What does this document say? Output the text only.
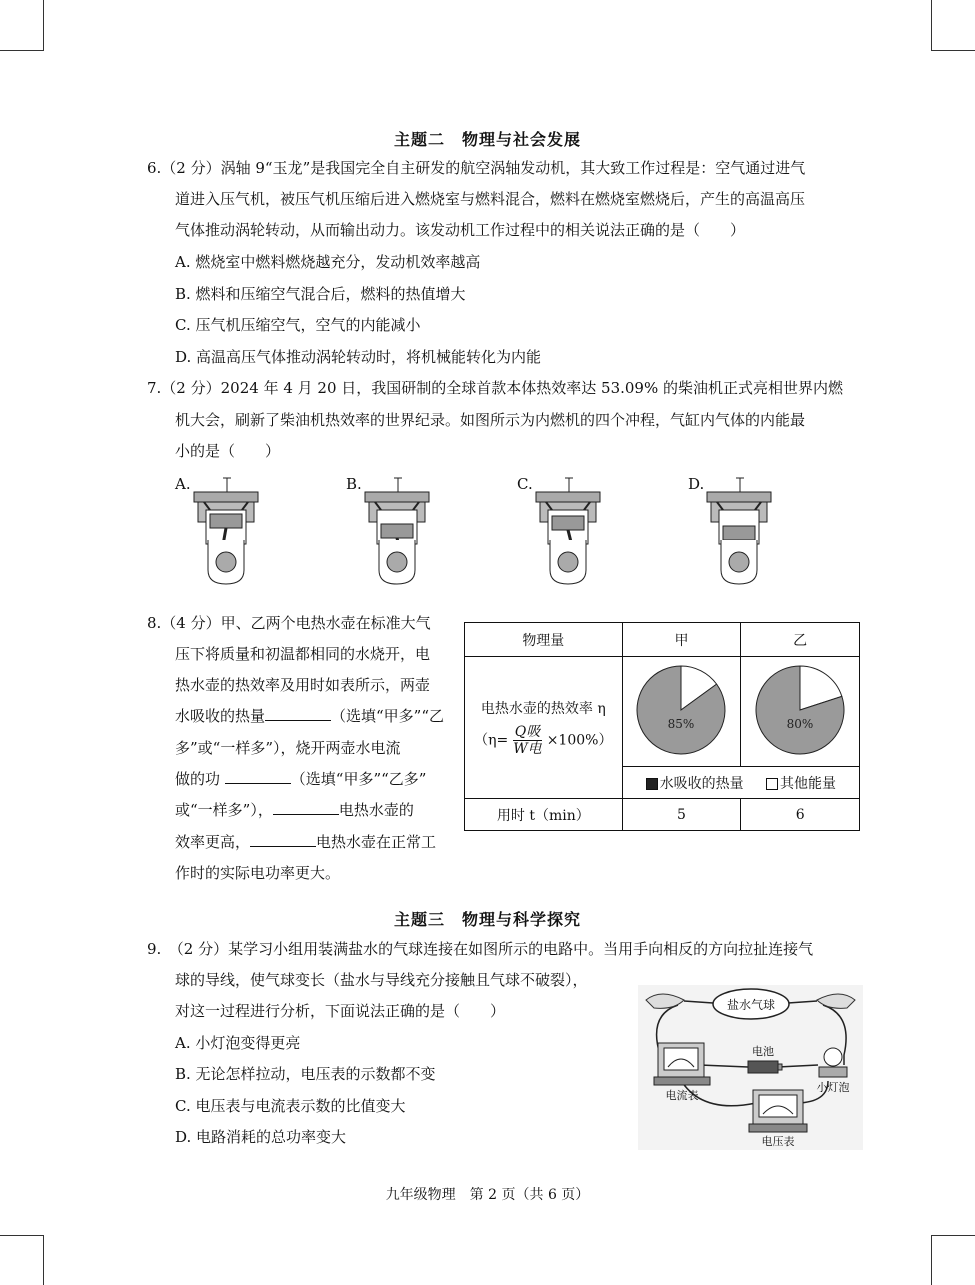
主题二　物理与社会发展
6.（2 分）涡轴 9“玉龙”是我国完全自主研发的航空涡轴发动机，其大致工作过程是：空气通过进气
道进入压气机，被压气机压缩后进入燃烧室与燃料混合，燃料在燃烧室燃烧后，产生的高温高压
气体推动涡轮转动，从而输出动力。该发动机工作过程中的相关说法正确的是（　　）
A. 燃烧室中燃料燃烧越充分，发动机效率越高
B. 燃料和压缩空气混合后，燃料的热值增大
C. 压气机压缩空气，空气的内能减小
D. 高温高压气体推动涡轮转动时，将机械能转化为内能
7.（2 分）2024 年 4 月 20 日，我国研制的全球首款本体热效率达 53.09% 的柴油机正式亮相世界内燃
机大会，刷新了柴油机热效率的世界纪录。如图所示为内燃机的四个冲程，气缸内气体的内能最
小的是（　　）
A.	B.	C.	D.
8.（4 分）甲、乙两个电热水壶在标准大气
压下将质量和初温都相同的水烧开，电
热水壶的热效率及用时如表所示，两壶
水吸收的热量	（选填“甲多”“乙
多”或“一样多”），烧开两壶水电流
做的功	（选填“甲多”“乙多”
或“一样多”），	电热水壶的
效率更高，	电热水壶在正常工
作时的实际电功率更大。
物理量	甲	乙

电热水壶的热效率 η
$(\eta= \frac{\text{Q吸}}{\text{W电}} \times 100\%)$	85%	80%

	水吸收的热量 其他能量	
用时 t（min）	5	6
主题三　物理与科学探究
9.　（2 分）某学习小组用装满盐水的气球连接在如图所示的电路中。当用手向相反的方向拉扯连接气
球的导线，使气球变长（盐水与导线充分接触且气球不破裂），
对这一过程进行分析，下面说法正确的是（　　）
A. 小灯泡变得更亮
B. 无论怎样拉动，电压表的示数都不变
C. 电压表与电流表示数的比值变大
D. 电路消耗的总功率变大
盐水气球
电流表
电池
小灯泡
电压表
九年级物理　第 2 页（共 6 页）
